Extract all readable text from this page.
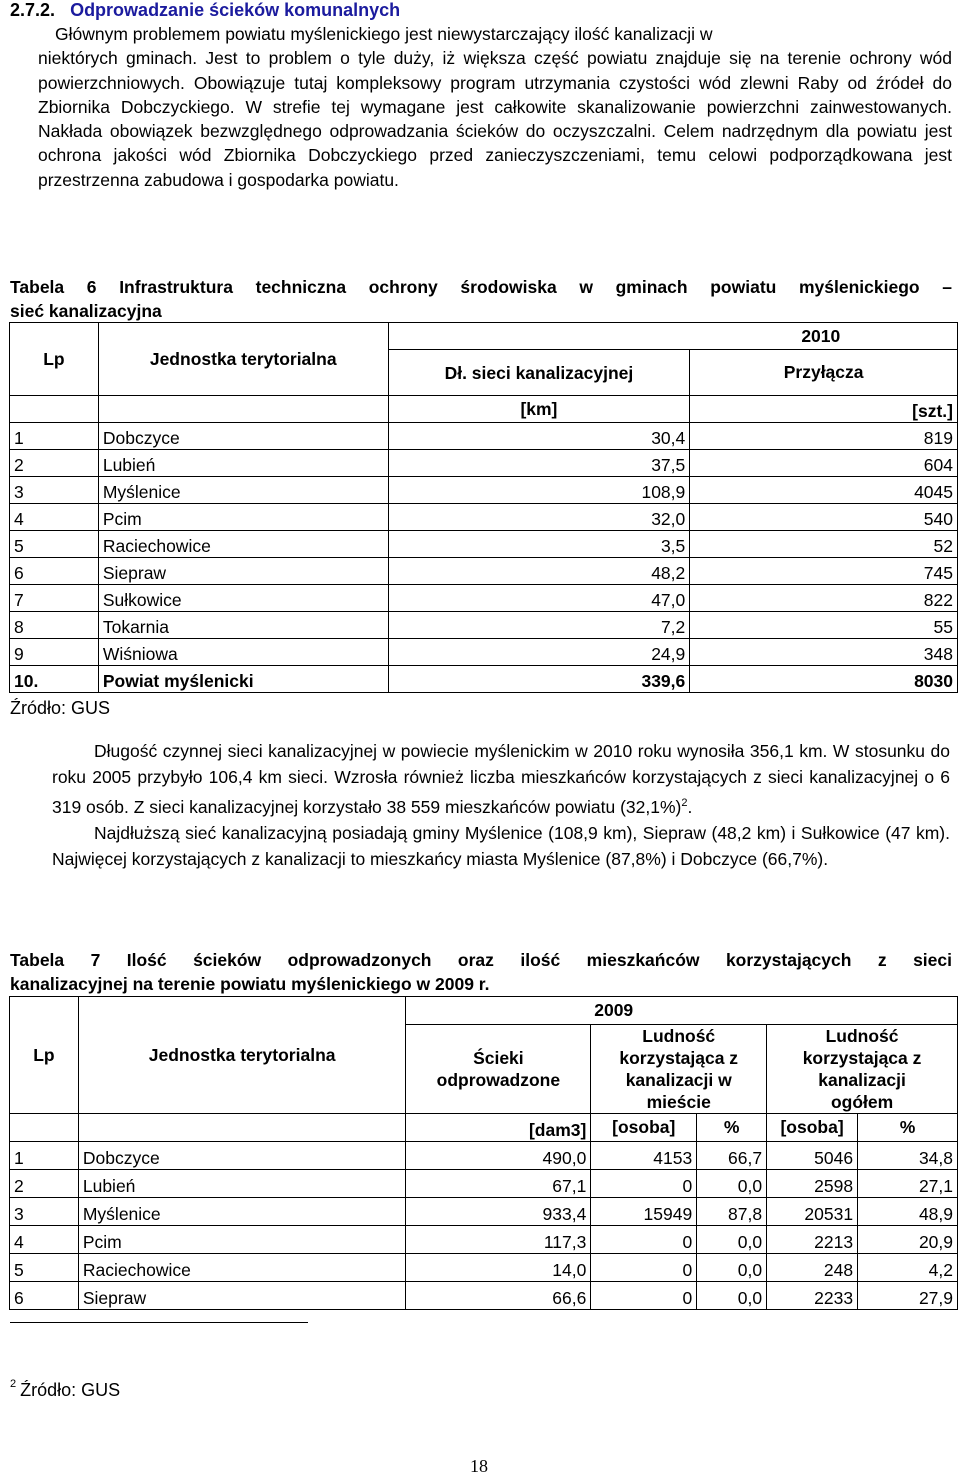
2.7.2. Odprowadzanie ścieków komunalnych
Głównym problemem powiatu myślenickiego jest niewystarczający ilość kanalizacji w
niektórych gminach. Jest to problem o tyle duży, iż większa część powiatu znajduje się na terenie ochrony wód powierzchniowych. Obowiązuje tutaj kompleksowy program utrzymania czystości wód zlewni Raby od źródeł do Zbiornika Dobczyckiego. W strefie tej wymagane jest całkowite skanalizowanie powierzchni zainwestowanych. Nakłada obowiązek bezwzględnego odprowadzania ścieków do oczyszczalni. Celem nadrzędnym dla powiatu jest ochrona jakości wód Zbiornika Dobczyckiego przed zanieczyszczeniami, temu celowi podporządkowana jest przestrzenna zabudowa i gospodarka powiatu.
Tabela 6 Infrastruktura techniczna ochrony środowiska w gminach powiatu myślenickiego –
sieć kanalizacyjna
Lp	Jednostka terytorialna	2010	
		Dł. sieci kanalizacyjnej	Przyłącza
		[km]	[szt.]
1	Dobczyce	30,4	819
2	Lubień	37,5	604
3	Myślenice	108,9	4045
4	Pcim	32,0	540
5	Raciechowice	3,5	52
6	Siepraw	48,2	745
7	Sułkowice	47,0	822
8	Tokarnia	7,2	55
9	Wiśniowa	24,9	348
10.	Powiat myślenicki	339,6	8030
Źródło: GUS
Długość czynnej sieci kanalizacyjnej w powiecie myślenickim w 2010 roku wynosiła 356,1 km. W stosunku do roku 2005 przybyło 106,4 km sieci. Wzrosła również liczba mieszkańców korzystających z sieci kanalizacyjnej o 6 319 osób. Z sieci kanalizacyjnej korzystało 38 559 mieszkańców powiatu $(32,1\%)^2$.
Najdłuższą sieć kanalizacyjną posiadają gminy Myślenice (108,9 km), Siepraw (48,2 km) i Sułkowice (47 km). Najwięcej korzystających z kanalizacji to mieszkańcy miasta Myślenice (87,8%) i Dobczyce (66,7%).
Tabela 7 Ilość ścieków odprowadzonych oraz ilość mieszkańców korzystających z sieci
kanalizacyjnej na terenie powiatu myślenickiego w 2009 r.
Lp	Jednostka terytorialna	2009				
		Ścieki odprowadzone	Ludność korzystająca z kanalizacji w mieście		Ludność korzystająca z kanalizacji ogółem	
		[dam3]	[osoba]	%	[osoba]	%
1	Dobczyce	490,0	4153	66,7	5046	34,8
2	Lubień	67,1	0	0,0	2598	27,1
3	Myślenice	933,4	15949	87,8	20531	48,9
4	Pcim	117,3	0	0,0	2213	20,9
5	Raciechowice	14,0	0	0,0	248	4,2
6	Siepraw	66,6	0	0,0	2233	27,9
$^2$ Źródło: GUS
18
